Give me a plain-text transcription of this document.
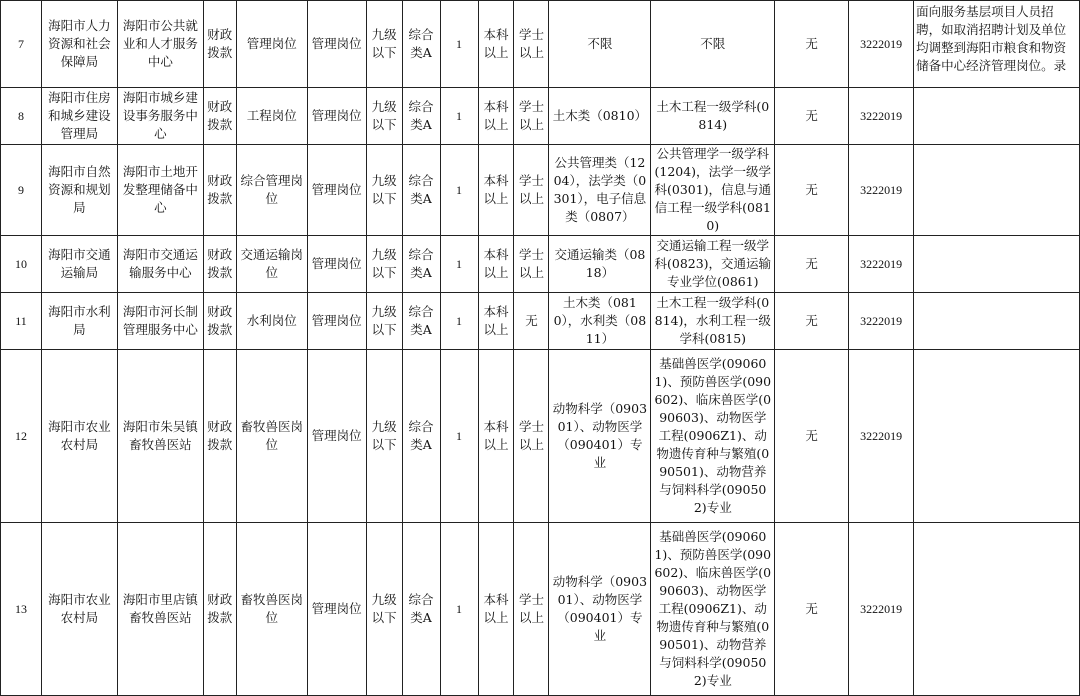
7	海阳市人力资源和社会保障局	海阳市公共就业和人才服务中心	财政拨款	管理岗位	管理岗位	九级以下	综合类A	1	本科以上	学士以上	不限	不限	无	3222019	面向服务基层项目人员招聘，如取消招聘计划及单位均调整到海阳市粮食和物资储备中心经济管理岗位。录

8	海阳市住房和城乡建设管理局	海阳市城乡建设事务服务中心	财政拨款	工程岗位	管理岗位	九级以下	综合类A	1	本科以上	学士以上	土木类（0810）	土木工程一级学科(0814)	无	3222019	

9	海阳市自然资源和规划局	海阳市土地开发整理储备中心	财政拨款	综合管理岗位	管理岗位	九级以下	综合类A	1	本科以上	学士以上	公共管理类（1204），法学类（0301），电子信息类（0807）	公共管理学一级学科(1204)，法学一级学科(0301)，信息与通信工程一级学科(0810)	无	3222019	

10	海阳市交通运输局	海阳市交通运输服务中心	财政拨款	交通运输岗位	管理岗位	九级以下	综合类A	1	本科以上	学士以上	交通运输类（0818）	交通运输工程一级学科(0823)，交通运输专业学位(0861)	无	3222019	

11	海阳市水利局	海阳市河长制管理服务中心	财政拨款	水利岗位	管理岗位	九级以下	综合类A	1	本科以上	无	土木类（0810），水利类（0811）	土木工程一级学科(0814)，水利工程一级学科(0815)	无	3222019	

12	海阳市农业农村局	海阳市朱吴镇畜牧兽医站	财政拨款	畜牧兽医岗位	管理岗位	九级以下	综合类A	1	本科以上	学士以上	动物科学（090301）、动物医学（090401）专业	基础兽医学(090601)、预防兽医学(090602)、临床兽医学(090603)、动物医学工程(0906Z1)、动物遗传育种与繁殖(090501)、动物营养与饲料科学(090502)专业	无	3222019	

13	海阳市农业农村局	海阳市里店镇畜牧兽医站	财政拨款	畜牧兽医岗位	管理岗位	九级以下	综合类A	1	本科以上	学士以上	动物科学（090301）、动物医学（090401）专业	基础兽医学(090601)、预防兽医学(090602)、临床兽医学(090603)、动物医学工程(0906Z1)、动物遗传育种与繁殖(090501)、动物营养与饲料科学(090502)专业	无	3222019	
